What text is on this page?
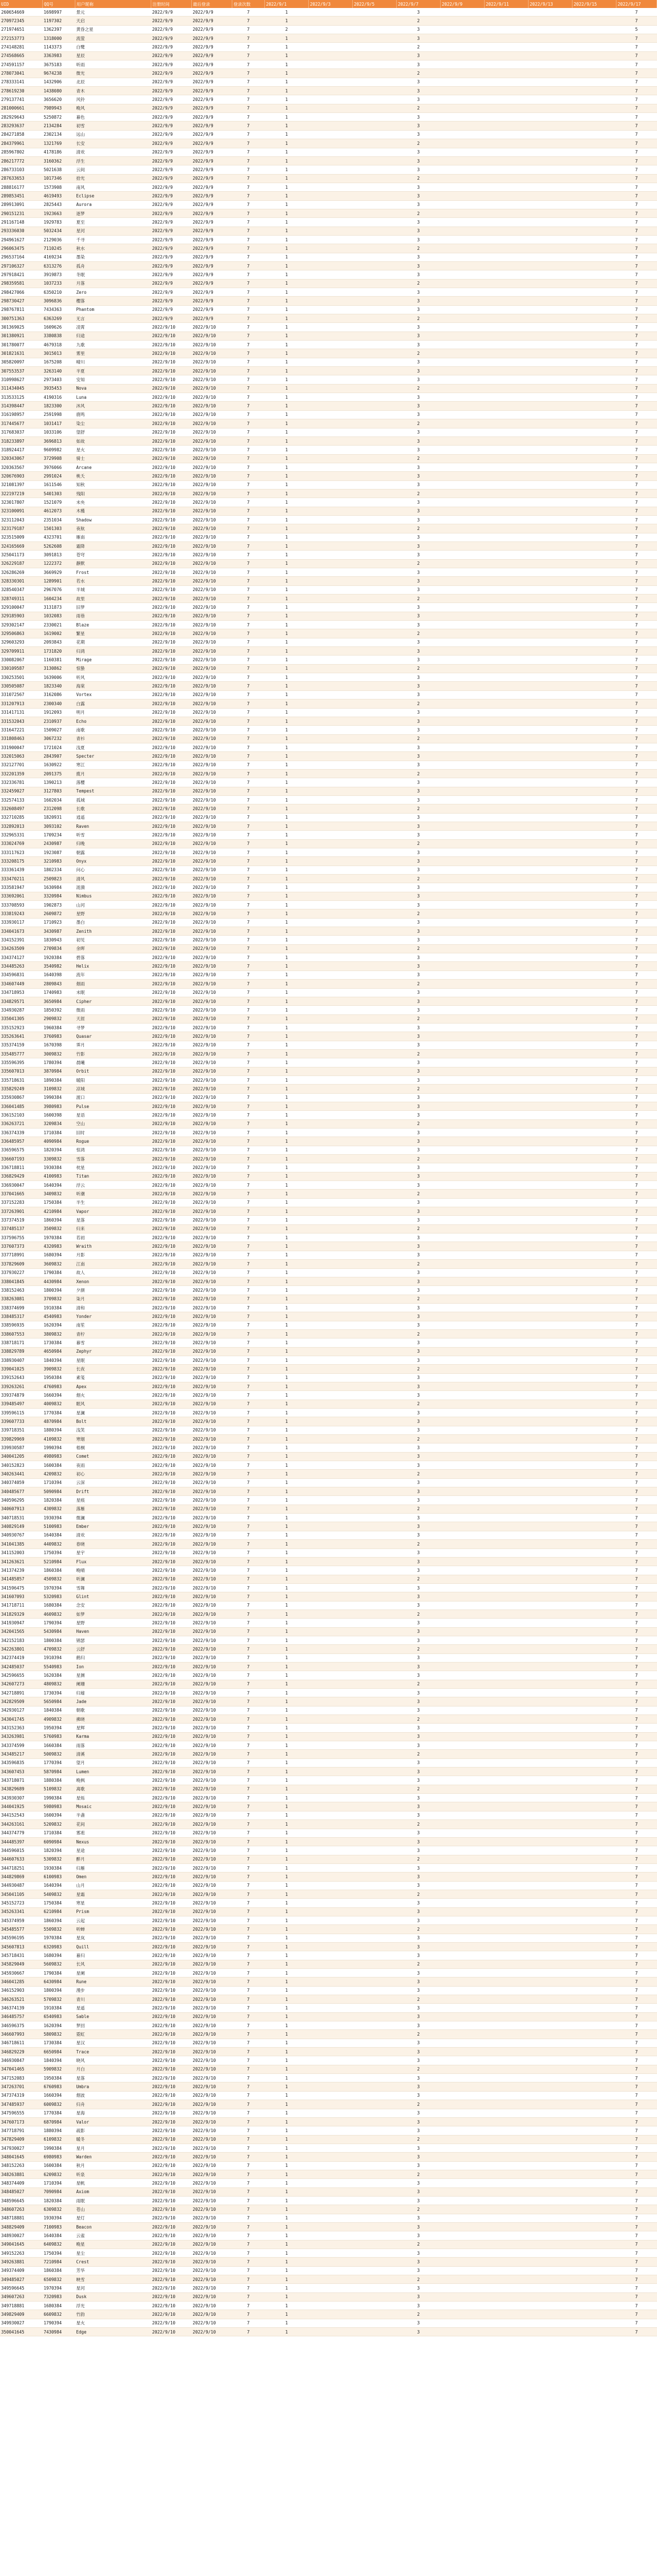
UID	QQ号	用户昵称	注册时间	最后登录	登录次数	2022/9/1	2022/9/3	2022/9/5	2022/9/7	2022/9/9	2022/9/11	2022/9/13	2022/9/15	2022/9/17
260654669	1698997	景元	2022/9/9	2022/9/9	7	1			3					7
270972345	1197302	天启	2022/9/9	2022/9/9	7	1			2					7
271974651	1362397	黄昏之星	2022/9/9	2022/9/9	7	2			3					5
272153773	1318000	流萤	2022/9/9	2022/9/9	7	1			3					7
274148281	1143373	白鹭	2022/9/9	2022/9/9	7	1			2					7
274568665	3363983	星辰	2022/9/9	2022/9/9	7	1			3					7
274591157	3675183	听雨	2022/9/9	2022/9/9	7	1			3					7
278073041	9674238	微光	2022/9/9	2022/9/9	7	1			2					7
278333141	1432906	北辰	2022/9/9	2022/9/9	7	1			3					7
278619230	1438080	青木	2022/9/9	2022/9/9	7	1			3					7
279137741	3656620	风铃	2022/9/9	2022/9/9	7	1			3					7
281000661	7989943	晚风	2022/9/9	2022/9/9	7	1			2					7
282929643	5250872	暮色	2022/9/9	2022/9/9	7	1			3					7
283293637	2134284	初雪	2022/9/9	2022/9/9	7	1			3					7
284271858	2302134	远山	2022/9/9	2022/9/9	7	1			3					7
284379961	1321769	长安	2022/9/9	2022/9/9	7	1			2					7
285967802	4178186	清欢	2022/9/9	2022/9/9	7	1			3					7
286217772	3160362	浮生	2022/9/9	2022/9/9	7	1			3					7
286733103	5021638	云间	2022/9/9	2022/9/9	7	1			3					7
287633653	1017346	拾光	2022/9/9	2022/9/9	7	1			2					7
288816177	1573908	南风	2022/9/9	2022/9/9	7	1			3					7
289853451	4619493	Eclipse	2022/9/9	2022/9/9	7	1			3					7
289913091	2825443	Aurora	2022/9/9	2022/9/9	7	1			3					7
290151231	1923663	逐梦	2022/9/9	2022/9/9	7	1			2					7
291167148	1929783	夏至	2022/9/9	2022/9/9	7	1			3					7
293336030	5032434	星河	2022/9/9	2022/9/9	7	1			3					7
294961627	2129036	千寻	2022/9/9	2022/9/9	7	1			3					7
296063475	7110245	秋水	2022/9/9	2022/9/9	7	1			2					7
296537164	4169234	墨染	2022/9/9	2022/9/9	7	1			3					7
297106327	6313276	孤舟	2022/9/9	2022/9/9	7	1			3					7
297918421	3919873	冬眠	2022/9/9	2022/9/9	7	1			3					7
298359581	1037233	月落	2022/9/9	2022/9/9	7	1			2					7
298427066	6350210	Zero	2022/9/9	2022/9/9	7	1			3					7
298730427	3096836	樱落	2022/9/9	2022/9/9	7	1			3					7
298767811	7434363	Phantom	2022/9/9	2022/9/9	7	1			3					7
300751363	6363269	无言	2022/9/9	2022/9/9	7	1			2					7
301369025	1609626	凌霄	2022/9/10	2022/9/10	7	1			3					7
301380921	3380838	归途	2022/9/10	2022/9/10	7	1			3					7
301780077	4679318	九歌	2022/9/10	2022/9/10	7	1			3					7
301821631	3015013	雾里	2022/9/10	2022/9/10	7	1			2					7
305820097	1675208	晴川	2022/9/10	2022/9/10	7	1			3					7
307553537	3263140	半夏	2022/9/10	2022/9/10	7	1			3					7
310998627	2973403	安知	2022/9/10	2022/9/10	7	1			3					7
311434045	3935453	Nova	2022/9/10	2022/9/10	7	1			2					7
313533125	4190316	Luna	2022/9/10	2022/9/10	7	1			3					7
314398447	1823300	沐风	2022/9/10	2022/9/10	7	1			3					7
316198957	2591998	鹿鸣	2022/9/10	2022/9/10	7	1			3					7
317445677	1031417	染尘	2022/9/10	2022/9/10	7	1			2					7
317683037	1033106	望舒	2022/9/10	2022/9/10	7	1			3					7
318233897	3696813	如故	2022/9/10	2022/9/10	7	1			3					7
318924417	9609982	星火	2022/9/10	2022/9/10	7	1			3					7
320343067	3729908	骑士	2022/9/10	2022/9/10	7	1			2					7
320363567	3976066	Arcane	2022/9/10	2022/9/10	7	1			3					7
320676903	2991024	桃夭	2022/9/10	2022/9/10	7	1			3					7
321081397	1611546	知秋	2022/9/10	2022/9/10	7	1			3					7
322197219	5401303	残阳	2022/9/10	2022/9/10	7	1			2					7
323017807	1521079	未央	2022/9/10	2022/9/10	7	1			3					7
323100091	4612073	木槿	2022/9/10	2022/9/10	7	1			3					7
323112043	2351034	Shadow	2022/9/10	2022/9/10	7	1			3					7
323179187	1501303	夜航	2022/9/10	2022/9/10	7	1			2					7
323515009	4323701	雁南	2022/9/10	2022/9/10	7	1			3					7
324165669	5262608	霜降	2022/9/10	2022/9/10	7	1			3					7
325041173	3091813	苍穹	2022/9/10	2022/9/10	7	1			3					7
326229187	1222372	静默	2022/9/10	2022/9/10	7	1			2					7
326286269	3669929	Frost	2022/9/10	2022/9/10	7	1			3					7
328330301	1289901	若水	2022/9/10	2022/9/10	7	1			3					7
328540347	2967076	半城	2022/9/10	2022/9/10	7	1			3					7
328749311	1604234	故里	2022/9/10	2022/9/10	7	1			2					7
329100047	3131873	旧梦	2022/9/10	2022/9/10	7	1			3					7
329185903	1032083	雨巷	2022/9/10	2022/9/10	7	1			3					7
329302147	2330021	Blaze	2022/9/10	2022/9/10	7	1			3					7
329506863	1619002	繁星	2022/9/10	2022/9/10	7	1			2					7
329603293	2093843	花期	2022/9/10	2022/9/10	7	1			3					7
329709911	1731820	归鸿	2022/9/10	2022/9/10	7	1			3					7
330082067	1160381	Mirage	2022/9/10	2022/9/10	7	1			3					7
330109587	3130862	惊蛰	2022/9/10	2022/9/10	7	1			2					7
330253501	1639006	听风	2022/9/10	2022/9/10	7	1			3					7
330505087	1823340	海棠	2022/9/10	2022/9/10	7	1			3					7
331072567	3162086	Vortex	2022/9/10	2022/9/10	7	1			3					7
331207913	2300340	白露	2022/9/10	2022/9/10	7	1			2					7
331417131	1912093	明月	2022/9/10	2022/9/10	7	1			3					7
331532043	2310937	Echo	2022/9/10	2022/9/10	7	1			3					7
331647221	1509027	南歌	2022/9/10	2022/9/10	7	1			3					7
331808463	3067232	青衫	2022/9/10	2022/9/10	7	1			2					7
331900047	1721024	浅夏	2022/9/10	2022/9/10	7	1			3					7
332015063	2843907	Specter	2022/9/10	2022/9/10	7	1			3					7
332127701	1630922	寒江	2022/9/10	2022/9/10	7	1			3					7
332201359	2091375	揽月	2022/9/10	2022/9/10	7	1			2					7
332336781	1390213	落樱	2022/9/10	2022/9/10	7	1			3					7
332459027	3127803	Tempest	2022/9/10	2022/9/10	7	1			3					7
332574133	1602034	孤城	2022/9/10	2022/9/10	7	1			3					7
332608497	2312098	长歌	2022/9/10	2022/9/10	7	1			2					7
332710285	1820931	逍遥	2022/9/10	2022/9/10	7	1			3					7
332892013	3093102	Raven	2022/9/10	2022/9/10	7	1			3					7
332965331	1709234	听雪	2022/9/10	2022/9/10	7	1			3					7
333024769	2430987	归晚	2022/9/10	2022/9/10	7	1			2					7
333117623	1923087	朝露	2022/9/10	2022/9/10	7	1			3					7
333208175	3210983	Onyx	2022/9/10	2022/9/10	7	1			3					7
333361439	1802334	问心	2022/9/10	2022/9/10	7	1			3					7
333470211	2509823	清风	2022/9/10	2022/9/10	7	1			2					7
333581947	1630984	涟漪	2022/9/10	2022/9/10	7	1			3					7
333692061	3320984	Nimbus	2022/9/10	2022/9/10	7	1			3					7
333708593	1902873	山河	2022/9/10	2022/9/10	7	1			3					7
333819243	2609872	星野	2022/9/10	2022/9/10	7	1			2					7
333930117	1710923	墨白	2022/9/10	2022/9/10	7	1			3					7
334041673	3430987	Zenith	2022/9/10	2022/9/10	7	1			3					7
334152391	1830943	初见	2022/9/10	2022/9/10	7	1			3					7
334263509	2709834	余晖	2022/9/10	2022/9/10	7	1			2					7
334374127	1920384	碧落	2022/9/10	2022/9/10	7	1			3					7
334485263	3540982	Helix	2022/9/10	2022/9/10	7	1			3					7
334596831	1640398	流年	2022/9/10	2022/9/10	7	1			3					7
334607449	2809843	烟雨	2022/9/10	2022/9/10	7	1			2					7
334718953	1740983	未眠	2022/9/10	2022/9/10	7	1			3					7
334829571	3650984	Cipher	2022/9/10	2022/9/10	7	1			3					7
334930287	1850392	微雨	2022/9/10	2022/9/10	7	1			3					7
335041305	2909832	天涯	2022/9/10	2022/9/10	7	1			2					7
335152923	1960384	寻梦	2022/9/10	2022/9/10	7	1			3					7
335263641	3760983	Quasar	2022/9/10	2022/9/10	7	1			3					7
335374159	1670398	霁月	2022/9/10	2022/9/10	7	1			3					7
335485777	3009832	竹影	2022/9/10	2022/9/10	7	1			2					7
335596395	1780394	晨曦	2022/9/10	2022/9/10	7	1			3					7
335607013	3870984	Orbit	2022/9/10	2022/9/10	7	1			3					7
335718631	1890384	暖阳	2022/9/10	2022/9/10	7	1			3					7
335829249	3109832	凉城	2022/9/10	2022/9/10	7	1			2					7
335930867	1990384	渡口	2022/9/10	2022/9/10	7	1			3					7
336041485	3980983	Pulse	2022/9/10	2022/9/10	7	1			3					7
336152103	1600398	星语	2022/9/10	2022/9/10	7	1			3					7
336263721	3209834	空山	2022/9/10	2022/9/10	7	1			2					7
336374339	1710384	旧时	2022/9/10	2022/9/10	7	1			3					7
336485957	4090984	Rogue	2022/9/10	2022/9/10	7	1			3					7
336596575	1820394	惊鸿	2022/9/10	2022/9/10	7	1			3					7
336607193	3309832	雪落	2022/9/10	2022/9/10	7	1			2					7
336718811	1930384	枕星	2022/9/10	2022/9/10	7	1			3					7
336829429	4100983	Titan	2022/9/10	2022/9/10	7	1			3					7
336930047	1640394	浮云	2022/9/10	2022/9/10	7	1			3					7
337041665	3409832	听潮	2022/9/10	2022/9/10	7	1			2					7
337152283	1750384	半生	2022/9/10	2022/9/10	7	1			3					7
337263901	4210984	Vapor	2022/9/10	2022/9/10	7	1			3					7
337374519	1860394	星落	2022/9/10	2022/9/10	7	1			3					7
337485137	3509832	归来	2022/9/10	2022/9/10	7	1			2					7
337596755	1970384	若初	2022/9/10	2022/9/10	7	1			3					7
337607373	4320983	Wraith	2022/9/10	2022/9/10	7	1			3					7
337718991	1680394	月影	2022/9/10	2022/9/10	7	1			3					7
337829609	3609832	江南	2022/9/10	2022/9/10	7	1			2					7
337930227	1790384	故人	2022/9/10	2022/9/10	7	1			3					7
338041845	4430984	Xenon	2022/9/10	2022/9/10	7	1			3					7
338152463	1800394	夕颜	2022/9/10	2022/9/10	7	1			3					7
338263081	3709832	柒月	2022/9/10	2022/9/10	7	1			2					7
338374699	1910384	清和	2022/9/10	2022/9/10	7	1			3					7
338485317	4540983	Yonder	2022/9/10	2022/9/10	7	1			3					7
338596935	1620394	南笙	2022/9/10	2022/9/10	7	1			3					7
338607553	3809832	青柠	2022/9/10	2022/9/10	7	1			2					7
338718171	1730384	暮雪	2022/9/10	2022/9/10	7	1			3					7
338829789	4650984	Zephyr	2022/9/10	2022/9/10	7	1			3					7
338930407	1840394	星眠	2022/9/10	2022/9/10	7	1			3					7
339041025	3909832	长夜	2022/9/10	2022/9/10	7	1			2					7
339152643	1950384	素笺	2022/9/10	2022/9/10	7	1			3					7
339263261	4760983	Apex	2022/9/10	2022/9/10	7	1			3					7
339374879	1660394	烟火	2022/9/10	2022/9/10	7	1			3					7
339485497	4009832	眠风	2022/9/10	2022/9/10	7	1			2					7
339596115	1770384	星澜	2022/9/10	2022/9/10	7	1			3					7
339607733	4870984	Bolt	2022/9/10	2022/9/10	7	1			3					7
339718351	1880394	浅笑	2022/9/10	2022/9/10	7	1			3					7
339829969	4109832	寒烟	2022/9/10	2022/9/10	7	1			2					7
339930587	1990394	梧桐	2022/9/10	2022/9/10	7	1			3					7
340041205	4980983	Comet	2022/9/10	2022/9/10	7	1			3					7
340152823	1600384	夜雨	2022/9/10	2022/9/10	7	1			3					7
340263441	4209832	初心	2022/9/10	2022/9/10	7	1			2					7
340374059	1710394	云深	2022/9/10	2022/9/10	7	1			3					7
340485677	5090984	Drift	2022/9/10	2022/9/10	7	1			3					7
340596295	1820384	星痕	2022/9/10	2022/9/10	7	1			3					7
340607913	4309832	落雁	2022/9/10	2022/9/10	7	1			2					7
340718531	1930394	微澜	2022/9/10	2022/9/10	7	1			3					7
340829149	5100983	Ember	2022/9/10	2022/9/10	7	1			3					7
340930767	1640384	清欢	2022/9/10	2022/9/10	7	1			3					7
341041385	4409832	春晓	2022/9/10	2022/9/10	7	1			2					7
341152003	1750394	星宇	2022/9/10	2022/9/10	7	1			3					7
341263621	5210984	Flux	2022/9/10	2022/9/10	7	1			3					7
341374239	1860384	晚晴	2022/9/10	2022/9/10	7	1			3					7
341485857	4509832	听澜	2022/9/10	2022/9/10	7	1			2					7
341596475	1970394	雪舞	2022/9/10	2022/9/10	7	1			3					7
341607093	5320983	Glint	2022/9/10	2022/9/10	7	1			3					7
341718711	1680384	念安	2022/9/10	2022/9/10	7	1			3					7
341829329	4609832	如梦	2022/9/10	2022/9/10	7	1			2					7
341930947	1790394	星野	2022/9/10	2022/9/10	7	1			3					7
342041565	5430984	Haven	2022/9/10	2022/9/10	7	1			3					7
342152183	1800384	锦瑟	2022/9/10	2022/9/10	7	1			3					7
342263801	4709832	云舒	2022/9/10	2022/9/10	7	1			2					7
342374419	1910394	鹤归	2022/9/10	2022/9/10	7	1			3					7
342485037	5540983	Ion	2022/9/10	2022/9/10	7	1			3					7
342596655	1620384	星渊	2022/9/10	2022/9/10	7	1			3					7
342607273	4809832	阑珊	2022/9/10	2022/9/10	7	1			2					7
342718891	1730394	归墟	2022/9/10	2022/9/10	7	1			3					7
342829509	5650984	Jade	2022/9/10	2022/9/10	7	1			3					7
342930127	1840384	朝歌	2022/9/10	2022/9/10	7	1			3					7
343041745	4909832	拂晓	2022/9/10	2022/9/10	7	1			2					7
343152363	1950394	星辉	2022/9/10	2022/9/10	7	1			3					7
343263981	5760983	Karma	2022/9/10	2022/9/10	7	1			3					7
343374599	1660384	雨落	2022/9/10	2022/9/10	7	1			3					7
343485217	5009832	清溪	2022/9/10	2022/9/10	7	1			2					7
343596835	1770394	望月	2022/9/10	2022/9/10	7	1			3					7
343607453	5870984	Lumen	2022/9/10	2022/9/10	7	1			3					7
343718071	1880384	晚枫	2022/9/10	2022/9/10	7	1			3					7
343829689	5109832	离歌	2022/9/10	2022/9/10	7	1			2					7
343930307	1990384	星烁	2022/9/10	2022/9/10	7	1			3					7
344041925	5980983	Mosaic	2022/9/10	2022/9/10	7	1			3					7
344152543	1600394	半盏	2022/9/10	2022/9/10	7	1			3					7
344263161	5209832	花间	2022/9/10	2022/9/10	7	1			2					7
344374779	1710384	雾凇	2022/9/10	2022/9/10	7	1			3					7
344485397	6090984	Nexus	2022/9/10	2022/9/10	7	1			3					7
344596015	1820394	星途	2022/9/10	2022/9/10	7	1			3					7
344607633	5309832	醉月	2022/9/10	2022/9/10	7	1			2					7
344718251	1930384	归雁	2022/9/10	2022/9/10	7	1			3					7
344829869	6100983	Omen	2022/9/10	2022/9/10	7	1			3					7
344930487	1640394	山月	2022/9/10	2022/9/10	7	1			3					7
345041105	5409832	星霜	2022/9/10	2022/9/10	7	1			2					7
345152723	1750384	寒星	2022/9/10	2022/9/10	7	1			3					7
345263341	6210984	Prism	2022/9/10	2022/9/10	7	1			3					7
345374959	1860394	云起	2022/9/10	2022/9/10	7	1			3					7
345485577	5509832	听蝉	2022/9/10	2022/9/10	7	1			2					7
345596195	1970384	星岚	2022/9/10	2022/9/10	7	1			3					7
345607813	6320983	Quill	2022/9/10	2022/9/10	7	1			3					7
345718431	1680394	暮归	2022/9/10	2022/9/10	7	1			3					7
345829049	5609832	长风	2022/9/10	2022/9/10	7	1			2					7
345930667	1790384	星阑	2022/9/10	2022/9/10	7	1			3					7
346041285	6430984	Rune	2022/9/10	2022/9/10	7	1			3					7
346152903	1800394	漫步	2022/9/10	2022/9/10	7	1			3					7
346263521	5709832	青川	2022/9/10	2022/9/10	7	1			2					7
346374139	1910384	星遥	2022/9/10	2022/9/10	7	1			3					7
346485757	6540983	Sable	2022/9/10	2022/9/10	7	1			3					7
346596375	1620394	梦回	2022/9/10	2022/9/10	7	1			3					7
346607993	5809832	霓虹	2022/9/10	2022/9/10	7	1			2					7
346718611	1730384	星汉	2022/9/10	2022/9/10	7	1			3					7
346829229	6650984	Trace	2022/9/10	2022/9/10	7	1			3					7
346930847	1840394	晓风	2022/9/10	2022/9/10	7	1			3					7
347041465	5909832	月白	2022/9/10	2022/9/10	7	1			2					7
347152083	1950384	星落	2022/9/10	2022/9/10	7	1			3					7
347263701	6760983	Umbra	2022/9/10	2022/9/10	7	1			3					7
347374319	1660394	烟波	2022/9/10	2022/9/10	7	1			3					7
347485937	6009832	归舟	2022/9/10	2022/9/10	7	1			2					7
347596555	1770384	星海	2022/9/10	2022/9/10	7	1			3					7
347607173	6870984	Valor	2022/9/10	2022/9/10	7	1			3					7
347718791	1880394	疏影	2022/9/10	2022/9/10	7	1			3					7
347829409	6109832	暖冬	2022/9/10	2022/9/10	7	1			2					7
347930027	1990384	星月	2022/9/10	2022/9/10	7	1			3					7
348041645	6980983	Warden	2022/9/10	2022/9/10	7	1			3					7
348152263	1600384	秋月	2022/9/10	2022/9/10	7	1			3					7
348263881	6209832	听泉	2022/9/10	2022/9/10	7	1			2					7
348374409	1710394	星帆	2022/9/10	2022/9/10	7	1			3					7
348485027	7090984	Axiom	2022/9/10	2022/9/10	7	1			3					7
348596645	1820384	雨眠	2022/9/10	2022/9/10	7	1			3					7
348607263	6309832	苍山	2022/9/10	2022/9/10	7	1			2					7
348718881	1930394	星灯	2022/9/10	2022/9/10	7	1			3					7
348829409	7100983	Beacon	2022/9/10	2022/9/10	7	1			3					7
348930027	1640384	云雀	2022/9/10	2022/9/10	7	1			3					7
349041645	6409832	晚星	2022/9/10	2022/9/10	7	1			2					7
349152263	1750394	星尘	2022/9/10	2022/9/10	7	1			3					7
349263881	7210984	Crest	2022/9/10	2022/9/10	7	1			3					7
349374409	1860384	芳华	2022/9/10	2022/9/10	7	1			3					7
349485027	6509832	映雪	2022/9/10	2022/9/10	7	1			2					7
349596645	1970394	星河	2022/9/10	2022/9/10	7	1			3					7
349607263	7320983	Dusk	2022/9/10	2022/9/10	7	1			3					7
349718881	1680384	浮光	2022/9/10	2022/9/10	7	1			3					7
349829409	6609832	竹韵	2022/9/10	2022/9/10	7	1			2					7
349930027	1790394	星火	2022/9/10	2022/9/10	7	1			3					7
350041645	7430984	Edge	2022/9/10	2022/9/10	7	1			3					7
